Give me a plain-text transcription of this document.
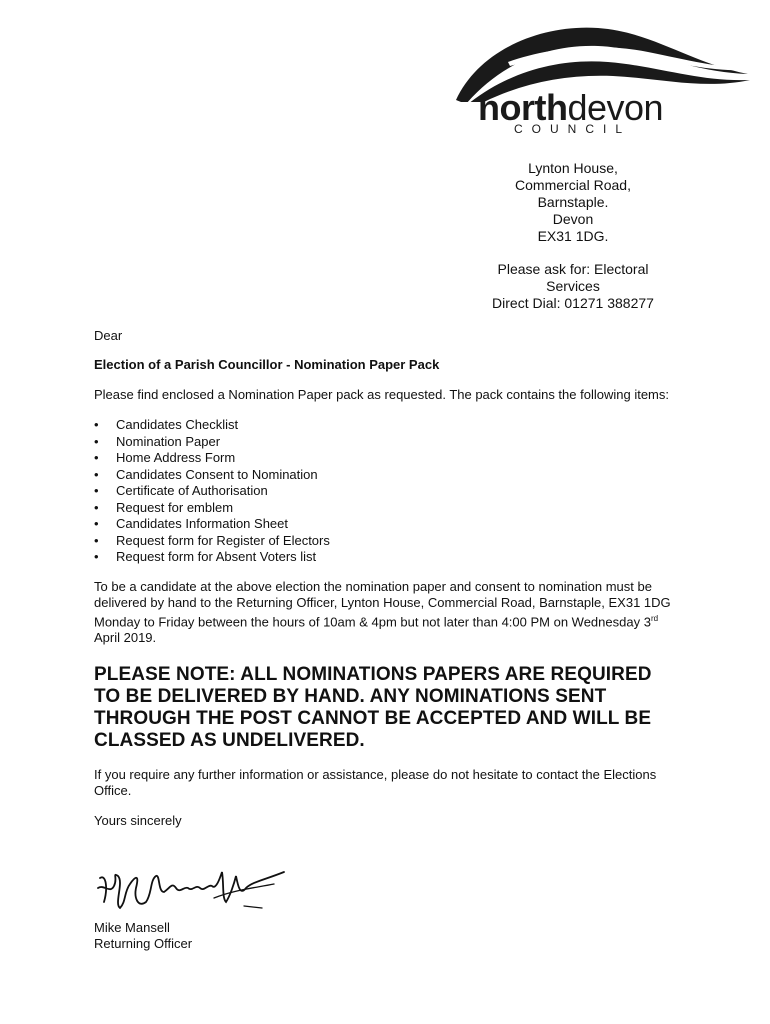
northdevon
COUNCIL
Lynton House,
Commercial Road,
Barnstaple.
Devon
EX31 1DG.
Please ask for: Electoral
Services
Direct Dial: 01271 388277

Dear

Election of a Parish Councillor - Nomination Paper Pack

Please find enclosed a Nomination Paper pack as requested. The pack contains the following items:

• Candidates Checklist
• Nomination Paper
• Home Address Form
• Candidates Consent to Nomination
• Certificate of Authorisation
• Request for emblem
• Candidates Information Sheet
• Request form for Register of Electors
• Request form for Absent Voters list

To be a candidate at the above election the nomination paper and consent to nomination must be delivered by hand to the Returning Officer, Lynton House, Commercial Road, Barnstaple, EX31 1DG Monday to Friday between the hours of 10am & 4pm but not later than 4:00 PM on Wednesday 3rd April 2019.

PLEASE NOTE: ALL NOMINATIONS PAPERS ARE REQUIRED TO BE DELIVERED BY HAND. ANY NOMINATIONS SENT THROUGH THE POST CANNOT BE ACCEPTED AND WILL BE CLASSED AS UNDELIVERED.

If you require any further information or assistance, please do not hesitate to contact the Elections Office.

Yours sincerely

Mike Mansell
Returning Officer
